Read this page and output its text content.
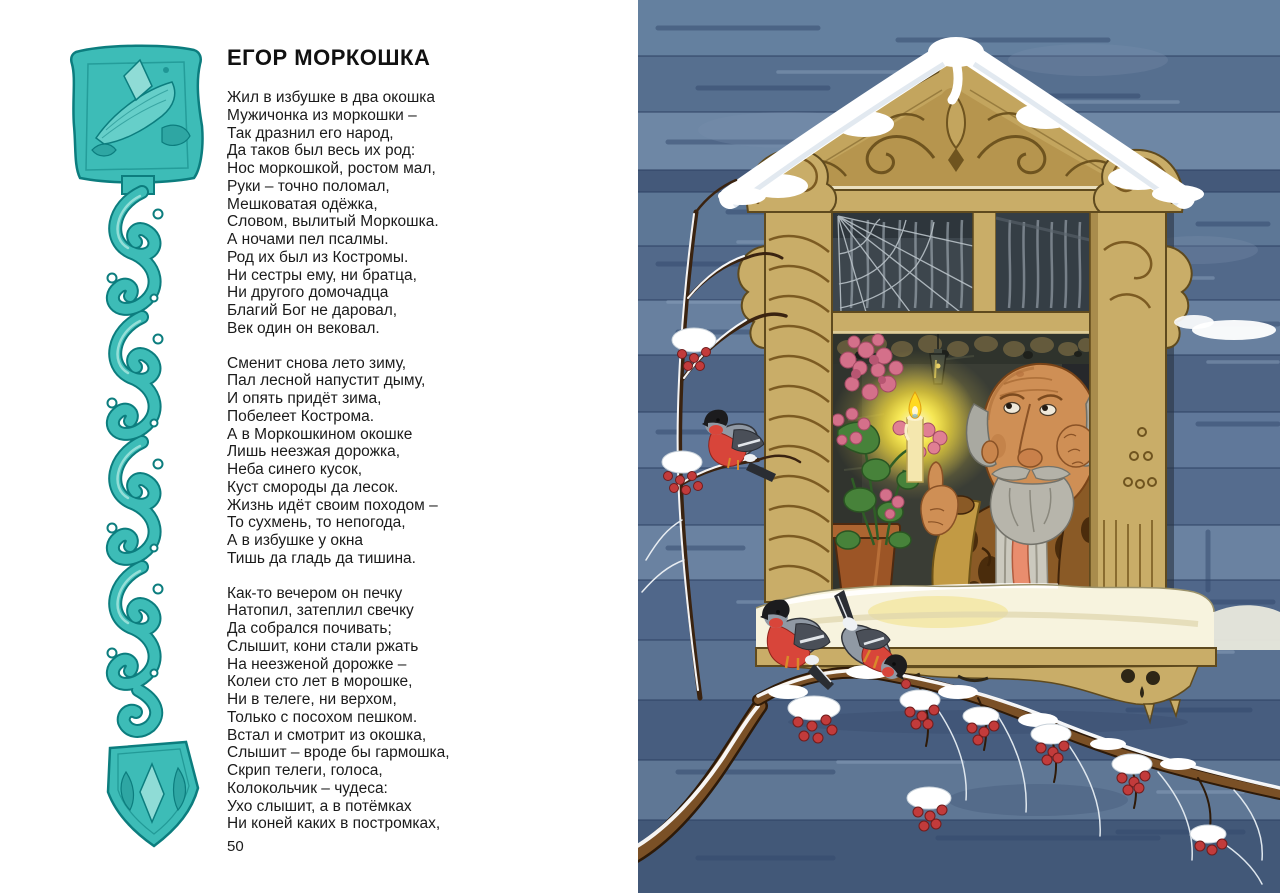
ЕГОР МОРКОШКА
Жил в избушке в два окошка
Мужичонка из моркошки –
Так дразнил его народ,
Да таков был весь их род:
Нос моркошкой, ростом мал,
Руки – точно поломал,
Мешковатая одёжка,
Словом, вылитый Моркошка.
А ночами пел псалмы.
Род их был из Костромы.
Ни сестры ему, ни братца,
Ни другого домочадца
Благий Бог не даровал,
Век один он вековал.
Сменит снова лето зиму,
Пал лесной напустит дыму,
И опять придёт зима,
Побелеет Кострома.
А в Моркошкином окошке
Лишь неезжая дорожка,
Неба синего кусок,
Куст смороды да лесок.
Жизнь идёт своим походом –
То сухмень, то непогода,
А в избушке у окна
Тишь да гладь да тишина.
Как-то вечером он печку
Натопил, затеплил свечку
Да собрался почивать;
Слышит, кони стали ржать
На неезженой дорожке –
Колеи сто лет в морошке,
Ни в телеге, ни верхом,
Только с посохом пешком.
Встал и смотрит из окошка,
Слышит – вроде бы гармошка,
Скрип телеги, голоса,
Колокольчик – чудеса:
Ухо слышит, а в потёмках
Ни коней каких в постромках,
50
